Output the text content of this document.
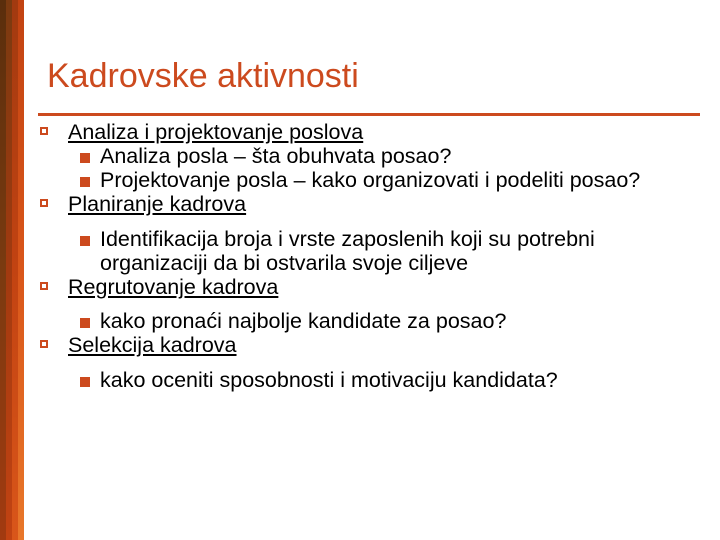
Kadrovske aktivnosti
Analiza i projektovanje poslova
Analiza posla – šta obuhvata posao?
Projektovanje posla – kako organizovati i podeliti posao?
Planiranje kadrova
Identifikacija broja i vrste zaposlenih koji su potrebni
organizaciji da bi ostvarila svoje ciljeve
Regrutovanje kadrova
kako pronaći najbolje kandidate za posao?
Selekcija kadrova
kako oceniti sposobnosti i motivaciju kandidata?
